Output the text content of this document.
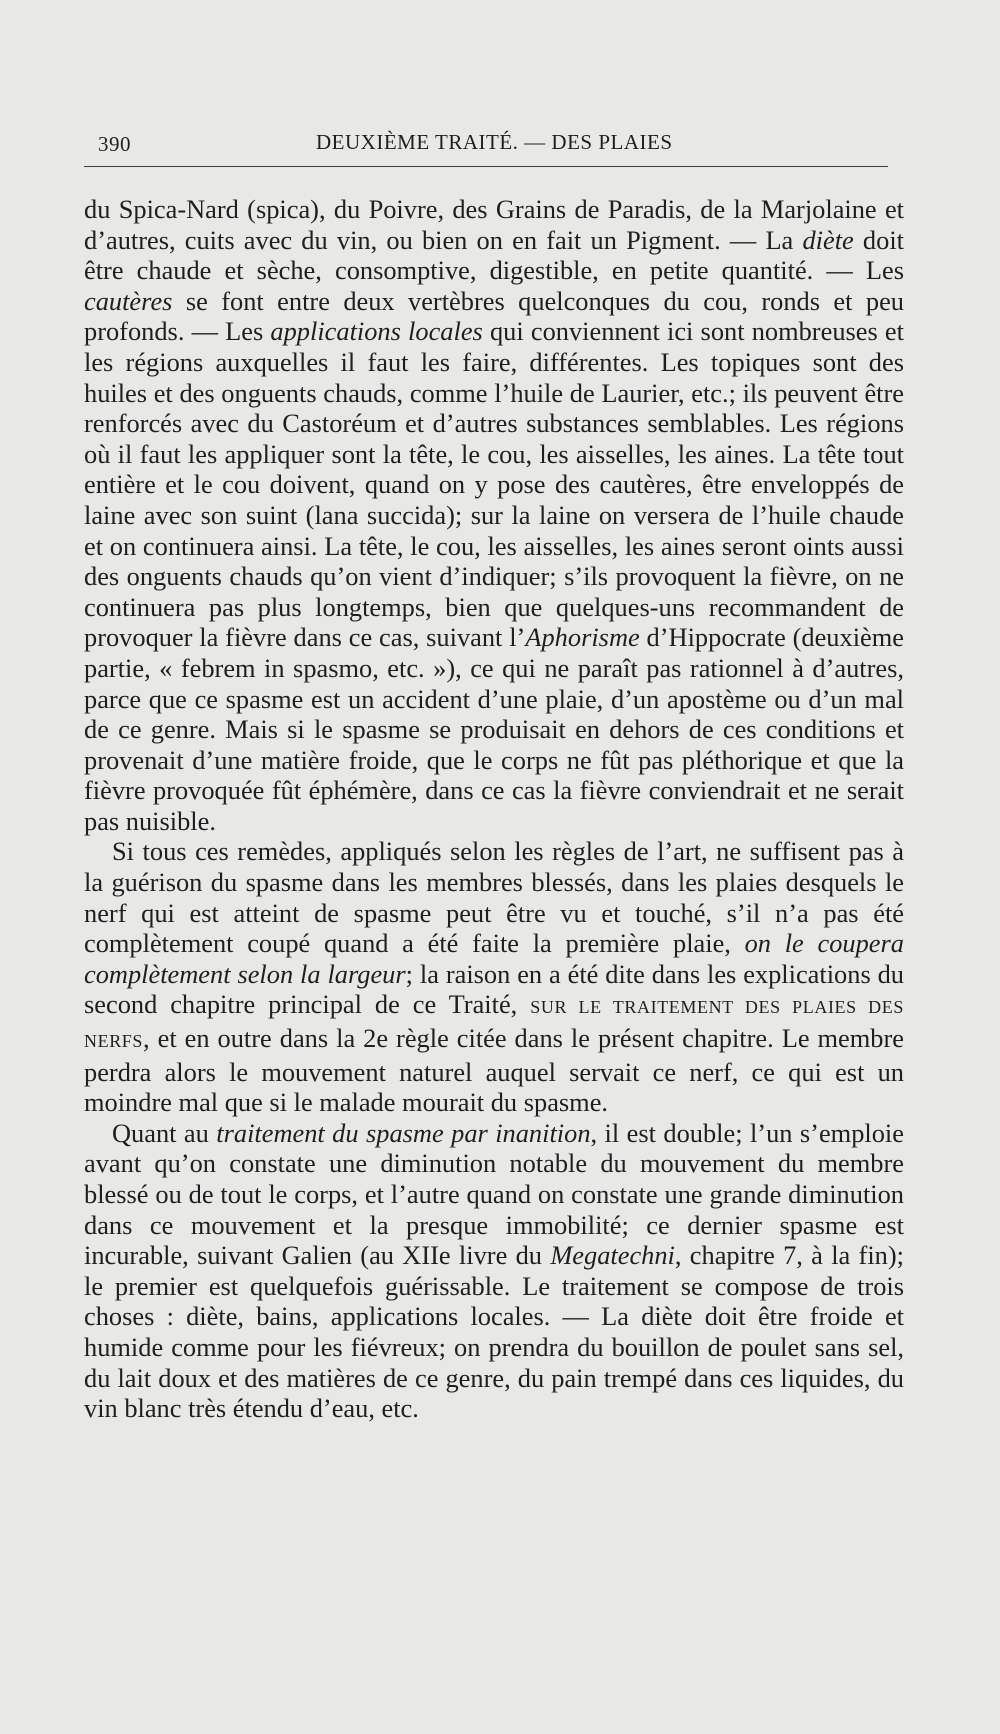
390	DEUXIÈME TRAITÉ. — DES PLAIES

du Spica-Nard (spica), du Poivre, des Grains de Paradis, de la Marjolaine et d’autres, cuits avec du vin, ou bien on en fait un Pigment. — La diète doit être chaude et sèche, consomptive, digestible, en petite quantité. — Les cautères se font entre deux vertèbres quelconques du cou, ronds et peu profonds. — Les applications locales qui conviennent ici sont nombreuses et les régions auxquelles il faut les faire, différentes. Les topiques sont des huiles et des onguents chauds, comme l’huile de Laurier, etc.; ils peuvent être renforcés avec du Castoréum et d’autres substances semblables. Les régions où il faut les appliquer sont la tête, le cou, les aisselles, les aines. La tête tout entière et le cou doivent, quand on y pose des cautères, être enveloppés de laine avec son suint (lana succida); sur la laine on versera de l’huile chaude et on continuera ainsi. La tête, le cou, les aisselles, les aines seront oints aussi des onguents chauds qu’on vient d’indiquer; s’ils provoquent la fièvre, on ne continuera pas plus longtemps, bien que quelques-uns recommandent de provoquer la fièvre dans ce cas, suivant l’Aphorisme d’Hippocrate (deuxième partie, « febrem in spasmo, etc. »), ce qui ne paraît pas rationnel à d’autres, parce que ce spasme est un accident d’une plaie, d’un apostème ou d’un mal de ce genre. Mais si le spasme se produisait en dehors de ces conditions et provenait d’une matière froide, que le corps ne fût pas pléthorique et que la fièvre provoquée fût éphémère, dans ce cas la fièvre conviendrait et ne serait pas nuisible.

Si tous ces remèdes, appliqués selon les règles de l’art, ne suffisent pas à la guérison du spasme dans les membres blessés, dans les plaies desquels le nerf qui est atteint de spasme peut être vu et touché, s’il n’a pas été complètement coupé quand a été faite la première plaie, on le coupera complètement selon la largeur; la raison en a été dite dans les explications du second chapitre principal de ce Traité, SUR LE TRAITEMENT DES PLAIES DES NERFS, et en outre dans la 2e règle citée dans le présent chapitre. Le membre perdra alors le mouvement naturel auquel servait ce nerf, ce qui est un moindre mal que si le malade mourait du spasme.

Quant au traitement du spasme par inanition, il est double; l’un s’emploie avant qu’on constate une diminution notable du mouvement du membre blessé ou de tout le corps, et l’autre quand on constate une grande diminution dans ce mouvement et la presque immobilité; ce dernier spasme est incurable, suivant Galien (au XIIe livre du Megatechni, chapitre 7, à la fin); le premier est quelquefois guérissable. Le traitement se compose de trois choses : diète, bains, applications locales. — La diète doit être froide et humide comme pour les fiévreux; on prendra du bouillon de poulet sans sel, du lait doux et des matières de ce genre, du pain trempé dans ces liquides, du vin blanc très étendu d’eau, etc.
